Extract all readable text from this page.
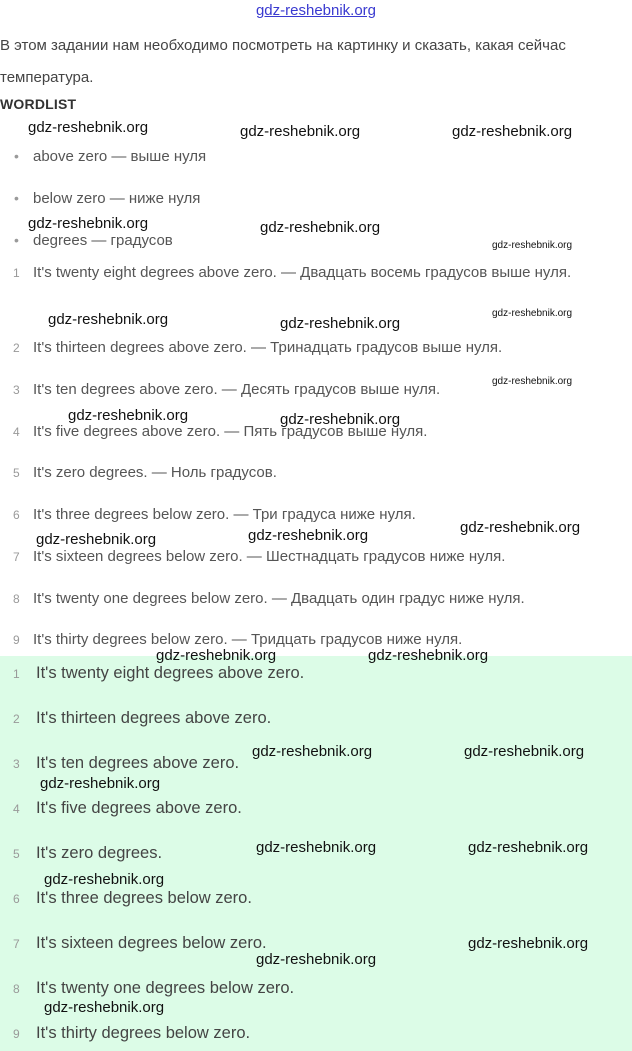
gdz-reshebnik.org
В этом задании нам необходимо посмотреть на картинку и сказать, какая сейчас температура.
WORDLIST
• above zero — выше нуля
• below zero — ниже нуля
• degrees — градусов
1 It's twenty eight degrees above zero. — Двадцать восемь градусов выше нуля.
2 It's thirteen degrees above zero. — Тринадцать градусов выше нуля.
3 It's ten degrees above zero. — Десять градусов выше нуля.
4 It's five degrees above zero. — Пять градусов выше нуля.
5 It's zero degrees. — Ноль градусов.
6 It's three degrees below zero. — Три градуса ниже нуля.
7 It's sixteen degrees below zero. — Шестнадцать градусов ниже нуля.
8 It's twenty one degrees below zero. — Двадцать один градус ниже нуля.
9 It's thirty degrees below zero. — Тридцать градусов ниже нуля.
1 It's twenty eight degrees above zero.
2 It's thirteen degrees above zero.
3 It's ten degrees above zero.
4 It's five degrees above zero.
5 It's zero degrees.
6 It's three degrees below zero.
7 It's sixteen degrees below zero.
8 It's twenty one degrees below zero.
9 It's thirty degrees below zero.
gdz-reshebnik.org	gdz-reshebnik.org	gdz-reshebnik.org
gdz-reshebnik.org	gdz-reshebnik.org
gdz-reshebnik.org
gdz-reshebnik.org	gdz-reshebnik.org
gdz-reshebnik.org
gdz-reshebnik.org
gdz-reshebnik.org	gdz-reshebnik.org
gdz-reshebnik.org
gdz-reshebnik.org	gdz-reshebnik.org
gdz-reshebnik.org	gdz-reshebnik.org
gdz-reshebnik.org	gdz-reshebnik.org
gdz-reshebnik.org
gdz-reshebnik.org	gdz-reshebnik.org
gdz-reshebnik.org
gdz-reshebnik.org
gdz-reshebnik.org
gdz-reshebnik.org
